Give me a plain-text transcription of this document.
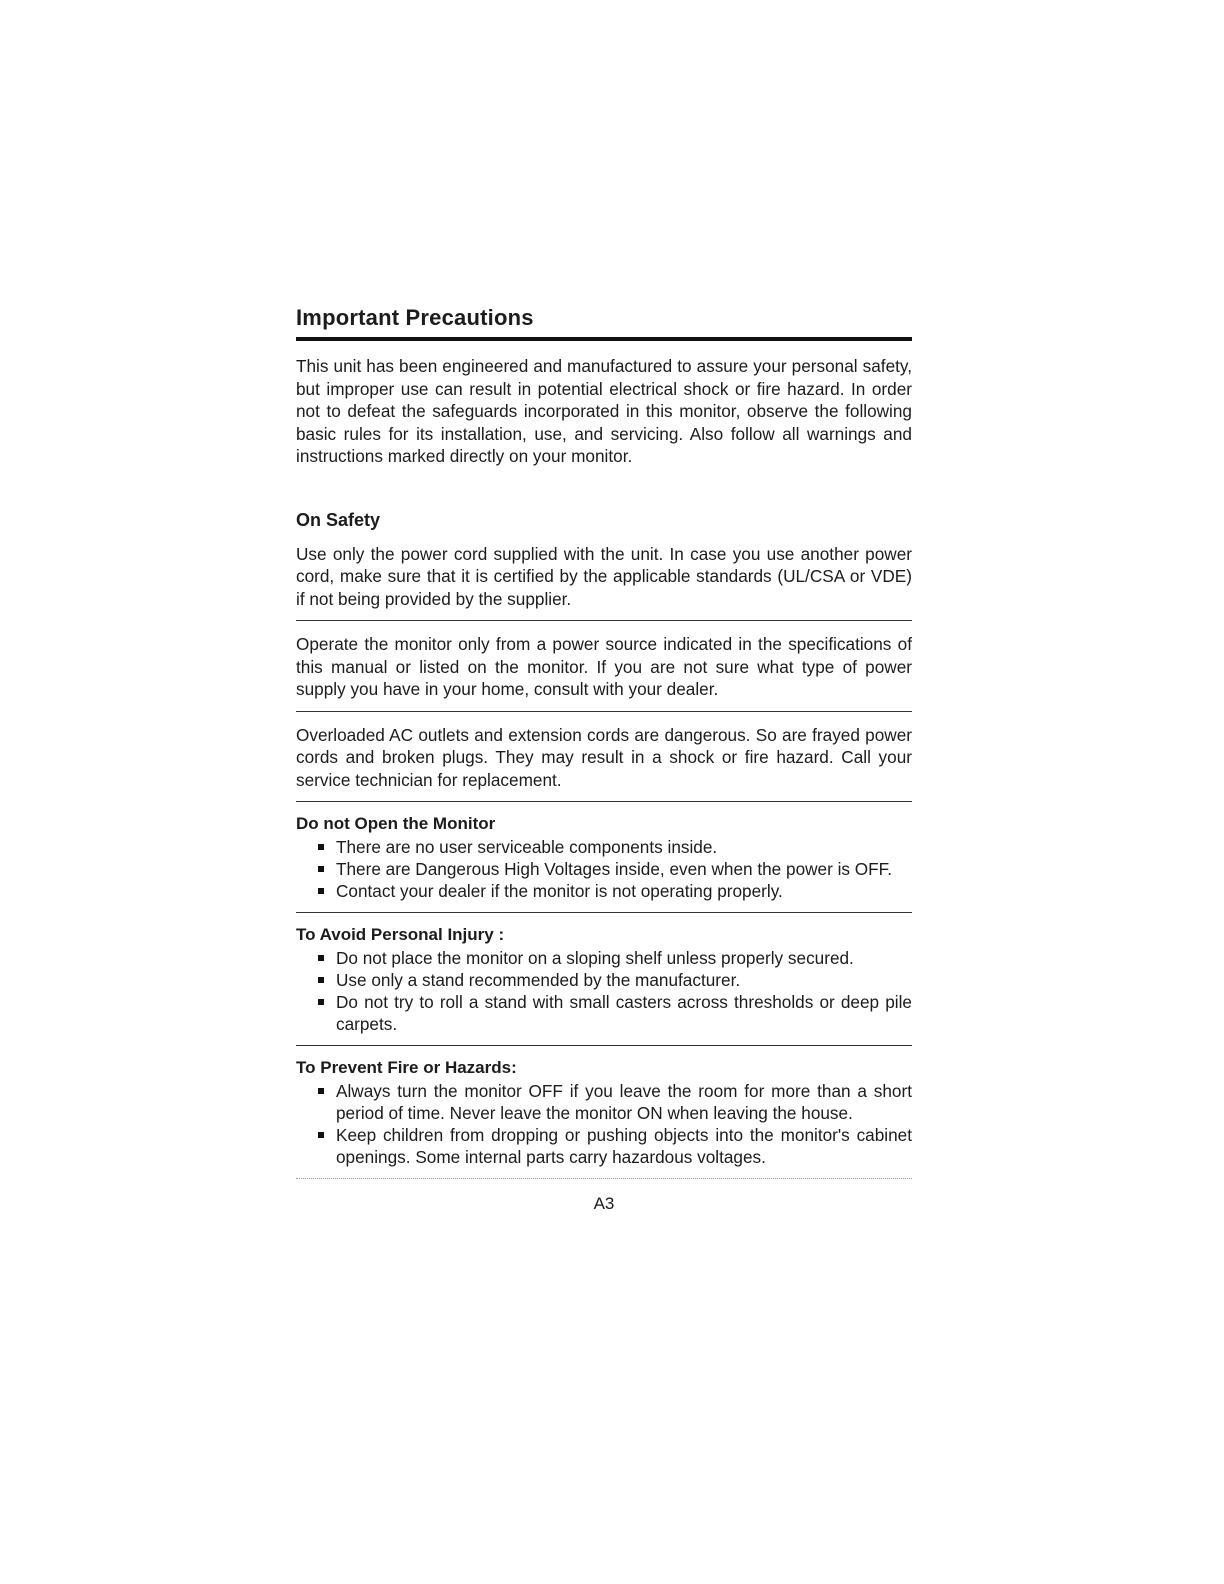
Important Precautions

This unit has been engineered and manufactured to assure your personal safety, but improper use can result in potential electrical shock or fire hazard. In order not to defeat the safeguards incorporated in this monitor, observe the following basic rules for its installation, use, and servicing. Also follow all warnings and instructions marked directly on your monitor.

On Safety

Use only the power cord supplied with the unit. In case you use another power cord, make sure that it is certified by the applicable standards (UL/CSA or VDE) if not being provided by the supplier.

Operate the monitor only from a power source indicated in the specifications of this manual or listed on the monitor. If you are not sure what type of power supply you have in your home, consult with your dealer.

Overloaded AC outlets and extension cords are dangerous. So are frayed power cords and broken plugs. They may result in a shock or fire hazard. Call your service technician for replacement.

Do not Open the Monitor
There are no user serviceable components inside.
There are Dangerous High Voltages inside, even when the power is OFF.
Contact your dealer if the monitor is not operating properly.
To Avoid Personal Injury :
Do not place the monitor on a sloping shelf unless properly secured.
Use only a stand recommended by the manufacturer.
Do not try to roll a stand with small casters across thresholds or deep pile carpets.
To Prevent Fire or Hazards:
Always turn the monitor OFF if you leave the room for more than a short period of time. Never leave the monitor ON when leaving the house.
Keep children from dropping or pushing objects into the monitor's cabinet openings. Some internal parts carry hazardous voltages.
A3
